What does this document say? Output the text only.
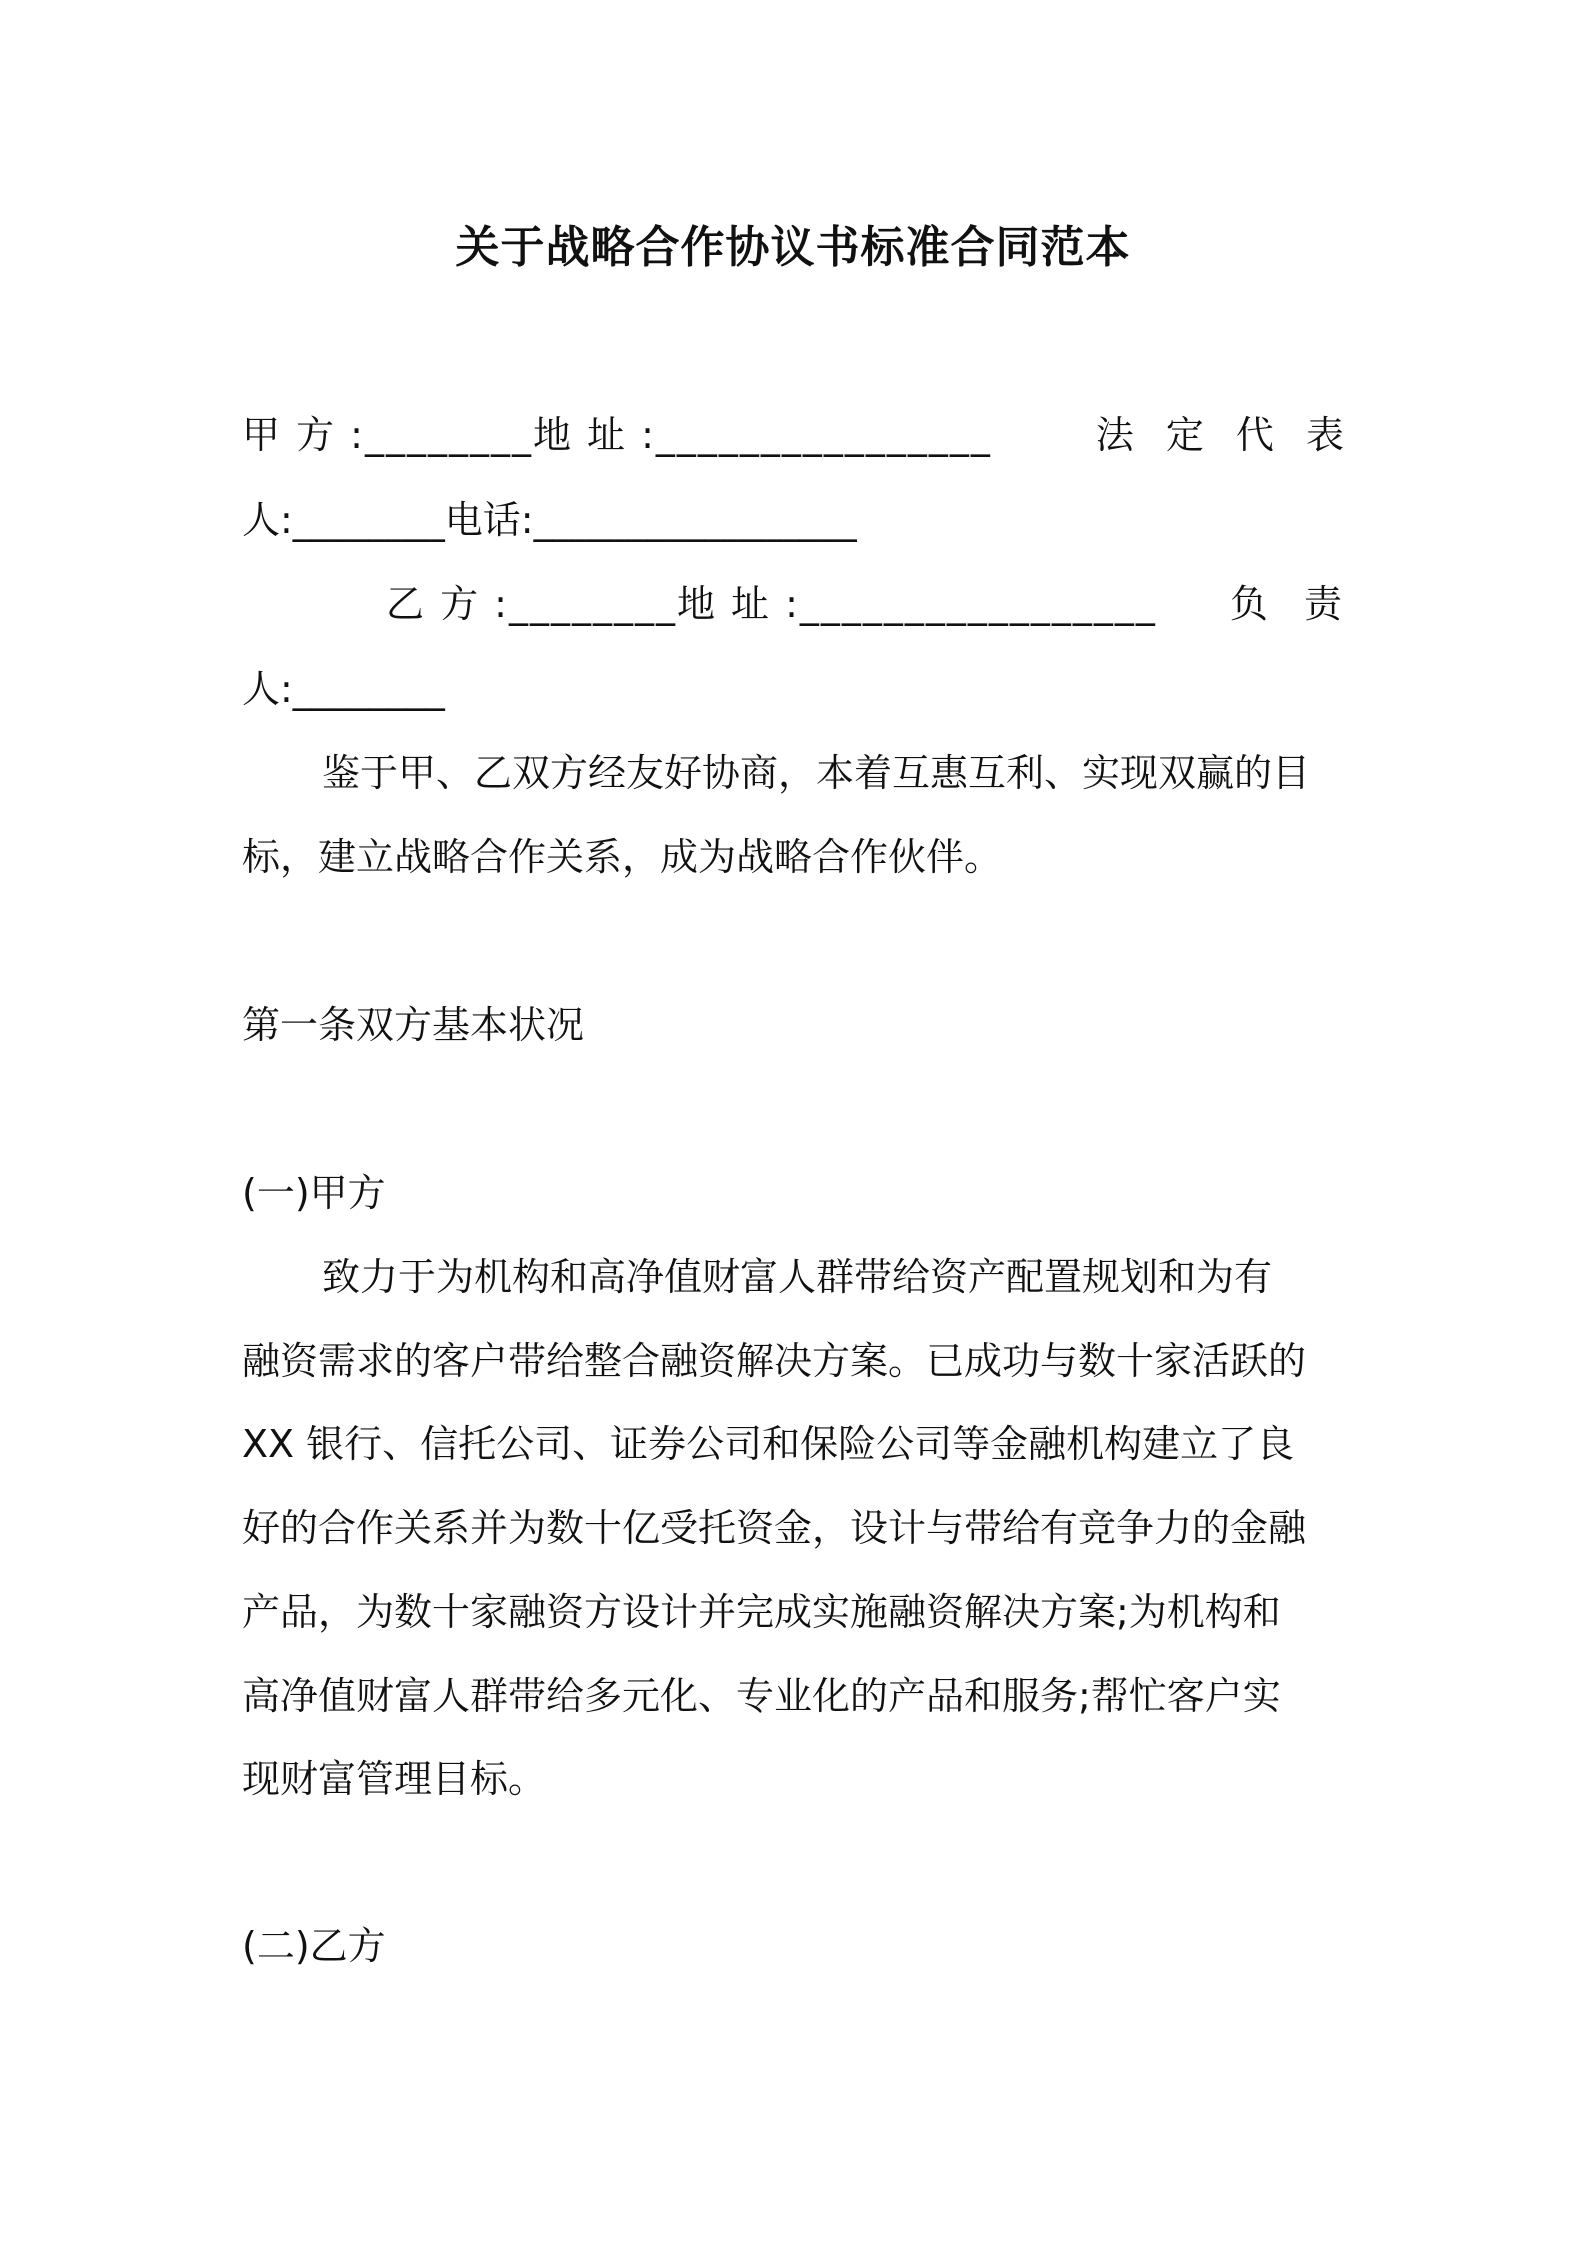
关于战略合作协议书标准合同范本
甲 方 :________地 址 :________________	法 定 代 表
人:________电话:_________________
乙 方 :________地 址 :_________________ 负 责
人:________
鉴于甲、乙双方经友好协商，本着互惠互利、实现双赢的目
标，建立战略合作关系，成为战略合作伙伴。
第一条双方基本状况
(一)甲方
致力于为机构和高净值财富人群带给资产配置规划和为有
融资需求的客户带给整合融资解决方案。已成功与数十家活跃的
XX 银行、信托公司、证券公司和保险公司等金融机构建立了良
好的合作关系并为数十亿受托资金，设计与带给有竞争力的金融
产品，为数十家融资方设计并完成实施融资解决方案;为机构和
高净值财富人群带给多元化、专业化的产品和服务;帮忙客户实
现财富管理目标。
(二)乙方
